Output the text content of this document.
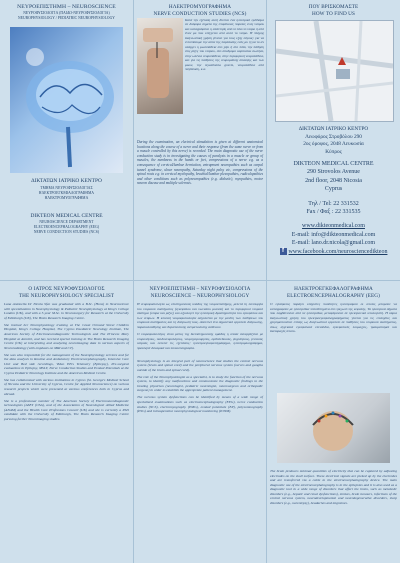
ΝΕΥΡΟΕΠΙΣΤΗΜΗ – NEUROSCIENCE
ΝΕΥΡΟΦΥΣΙΟΛΟΓΙΑ (ΠΑΙΔΟ-ΝΕΥΡΟΦΥΣΙΟΛΟΓΙΑ)
NEUROPHYSIOLOGY / PEDIATRIC NEUROPHYSIOLOGY
ΔΙΚΤΑΤΩΝ ΙΑΤΡΙΚΟ ΚΕΝΤΡΟ
ΤΜΗΜΑ ΝΕΥΡΟΦΥΣΙΟΛΟΓΙΑΣ
ΗΛΕΚΤΡΟΕΓΚΕΦΑΛΟΓΡΑΦΗΜΑ
ΗΛΕΚΤΡΟΜΥΟΓΡΑΦΗΜΑ
DIKTEON MEDICAL CENTRE
NEUROSCIENCE DEPARTMENT
ELECTROENCEPHALOGRAPHY (EEG)
NERVE CONDUCTION STUDIES (NCS)
ΗΛΕΚΤΡΟΜΥΟΓΡΑΦΗΜΑ
NERVE CONDUCTION STUDIES (NCS)

Κατά την εξέταση αυτή δίνεται ένα ηλεκτρικό ερέθισμα σε διάφορα σημεία της επιφάνειας πορείας ενός νεύρου και καταγράφεται η απάντηση από το ίδιο το νεύρο ή από έναν μυ που ελέγχεται από αυτό το νεύρο. Η πλήρης διαγνωστική χρήση γίνεται για τους εξής λόγους: για να εντοπίσουμε την αιτία της παράλυσης ενός μυ ή για το αν υπάρχει η ρωσιπάθεια στο χέρι ή στο πόδι, την πάθηση στις ρίζες του νεύρου, στο σύνδρομο καρπιαίου σωλήνα, στην ωλένια νευροπάθεια, στην περιφερική νευροπάθεια, και για τις παθήσεις της νευρομυϊκής σύναψης και των μυών, την myasthenia gravis, νευροπάθεια από παγίδευση, κ.α.

During the examination, an electrical stimulation is given at different anatomical locations along the course of a nerve and their response (from the same nerve or from a muscle controlled by this nerve) is recorded. The main diagnostic use of the nerve conduction study is in investigating the causes of paralysis in a muscle or group of muscles, the numbness in the hands or feet, compressions of a nerve e.g. as a consequence of cervical/lumbar herniation, entrapment neuropathies such as carpal tunnel syndrome, ulnar neuropathy, Saturday night palsy etc, compressions of the spinal roots e.g. in cervical myelopathy, brachial/lumbar plexopathies, radiculopathies and other conditions such as polyneuropathies (e.g. diabetic), myopathies, motor neuron disease and multiple sclerosis.

ΠΟΥ ΒΡΙΣΚΟΜΑΣΤΕ
HOW TO FIND US
ΔΙΚΤΑΤΩΝ ΙΑΤΡΙΚΟ ΚΕΝΤΡΟ
Λεωφόρος Στροβόλου 290
2ος όροφος, 2048 Λευκωσία
Κύπρος
DIKTEON MEDICAL CENTRE
290 Strovolos Avenue
2nd floor, 2048 Nicosia
Cyprus
Τηλ / Tel: 22 331532
Fax / Φαξ : 22 331535
www.dikteonmedical.com
E-mail: info@dikteonmedical.com
E-mail: lano.dr.nicola@gmail.com
f www.facebook.com/neurosciencedikteon
Ο ΙΑΤΡΟΣ ΝΕΥΡΟΦΥΣΙΟΛΟΓΟΣ
THE NEUROPHYSIOLOGY SPECIALIST

Lana Antonella Dr Nicola Sfen was graduated with a B.Sc. (Hons) in Neuroscience with specialization in Neurophysiology & Pediatric Neurophysiology at King's College London (UK), and with a 5-year M.Sc. in Neurosurgery for Research at the University of Edinburgh (UK), The Brain Research Imaging Centre.

She trained her Neurophysiology training at The Great Ormond Street Children Hospital, King's College Hospital, The Cyprus Paediatric Neurology Institute, The American Society of Electroneurodiagnostic Technologists and The Princess Mary Hospital at Akrotiri, and has received special training in The Brain Research Imaging Centre (UK) at interpreting and analyzing neuroimaging data in various aspects of Neuroradiology (with emphasis on MRI and CT).

She was also responsible for the management of the Neurophysiology services and for the data analysis in Routine and Ambulatory Electroencephalography, Intensive Care Unit and Bed side recordings, Video EEG Telemetry (Epilepsy), Pre-surgical evaluations in Epilepsy, MSLT, Nerve Conduction Studies and Evoked Potentials at the Cyprus Pediatric Neurology Institute and the American Medical Centre.

She has collaborated with various institutions in Cyprus (St. George's Medical School of Nicosia and the University of Cyprus, Centre for Applied Neuroscience) on various research projects which were presented at various conferences both in Cyprus and abroad.

She is a professional member of The American Society of Electroneurodiagnostic technologists (ASET (USA), and of the Association of Neurological Allied Medicine (ANAM) and the Health Care Professions Council (UK) and she is currently a PhD candidate with the University of Edinburgh, The Brain Research Imaging Centre pursuing further Neuroimaging studies.

ΝΕΥΡΟΕΠΙΣΤΗΜΗ – ΝΕΥΡΟΦΥΣΙΟΛΟΓΙΑ
NEUROSCIENCE – NEUROPHYSIOLOGY

Η νευροφυσιολογία ως επιστημονικός κλάδος της νευροεπιστήμης, μελετά τη λειτουργία του νευρικού συστήματος (εγκεφάλου και νωτιαίου μυελού) και το περιφερικό νευρικό σύστημα (νεύρα και ρίζες) και αξιολογεί την ηλεκτρική δραστηριότητα του εγκεφάλου και των νεύρων. Η κλινική νευροφυσιολογία ασχολείται με την μελέτη των παθήσεων του νευρικού συστήματος και τη διάγνωσή τους. Αποτελεί ένα σημαντικό εργαλείο διάγνωσης, παρακολούθησης και θεραπευτικής αντιμετώπισης ασθενών.

Ο νευροφυσιολόγος είναι μέλος της διεπιστημονικής ομάδας η οποία συνεργάζεται με νευρολόγους, παιδονευρολόγους, νευροχειρουργούς, ορθοπεδικούς, ψυχιάτρους, γενικούς ιατρούς και εκτελεί τις εξετάσεις: ηλεκτροεγκεφαλογράφημα, ηλεκτρομυογράφημα, προκλητά δυναμικά και πολυυπνογραφία.

Neurophysiology is an integral part of neuroscience that studies the central nervous system (brain and spinal cord) and the peripheral nervous system (nerves and ganglia outside of the brain and spinal cord).

The role of the Neurophysiologist as a specialist, is to study the function of the nervous system, to identify any malfunctions and communicate the diagnostic findings to the treating physician (neurologist, pediatric neurologist, neurosurgeon and orthopedic surgeon) in order to establish the appropriate patient management.

The nervous system dysfunctions can be identified by means of a wide range of specialized examinations such as electroencephalography (EEG), nerve conduction studies (NCS), electromyography (EMG), evoked potentials (EP), polysomnography (PSG) and intraoperative neurophysiological monitoring (IONM).

ΗΛΕΚΤΡΟΕΓΚΕΦΑΛΟΓΡΑΦΗΜΑ
ELECTROENCEPHALOGRAPHY (EEG)

Ο εγκέφαλος παράγει ελάχιστες ποσότητες ηλεκτρισμού οι οποίες μπορούν να καταγραφούν με ηλεκτρόδια τοποθετημένα στο τριχωτό της κεφαλής. Τα ηλεκτρικά σήματα που λαμβάνονται από τα ηλεκτρόδια, μεταφέρονται σε ηλεκτρονικό υπολογιστή. Η κύρια διαγνωστική χρήση του ηλεκτροεγκεφαλογραφήματος γίνεται για τις επιληψίες και χρησιμοποιείται επίσης ως διαγνωστικό εργαλείο σε παθήσεις του νευρικού συστήματος, όπως αγγειακά εγκεφαλικά επεισόδια, εγκεφαλικές λοιμώξεις, τραυματισμοί και διαταραχές ύπνου.

The brain produces minimal quantities of electricity that can be captured by adjusting electrodes on the skull surface. These electrical signals are picked up by the electrodes and are transferred via a cable to the electroencephalography device. The main diagnostic use of the electroencephalography is in the epilepsies and it is also used as a diagnostic tool in a wide range of disorders that affect the brain, such as metabolic disorders (e.g., hepatic and renal dysfunctions), strokes, brain tumours, infections of the central nervous system, neurodevelopmental and neurodegenerative disorders, sleep disorders (e.g., narcolepsy), headaches and migraines.
